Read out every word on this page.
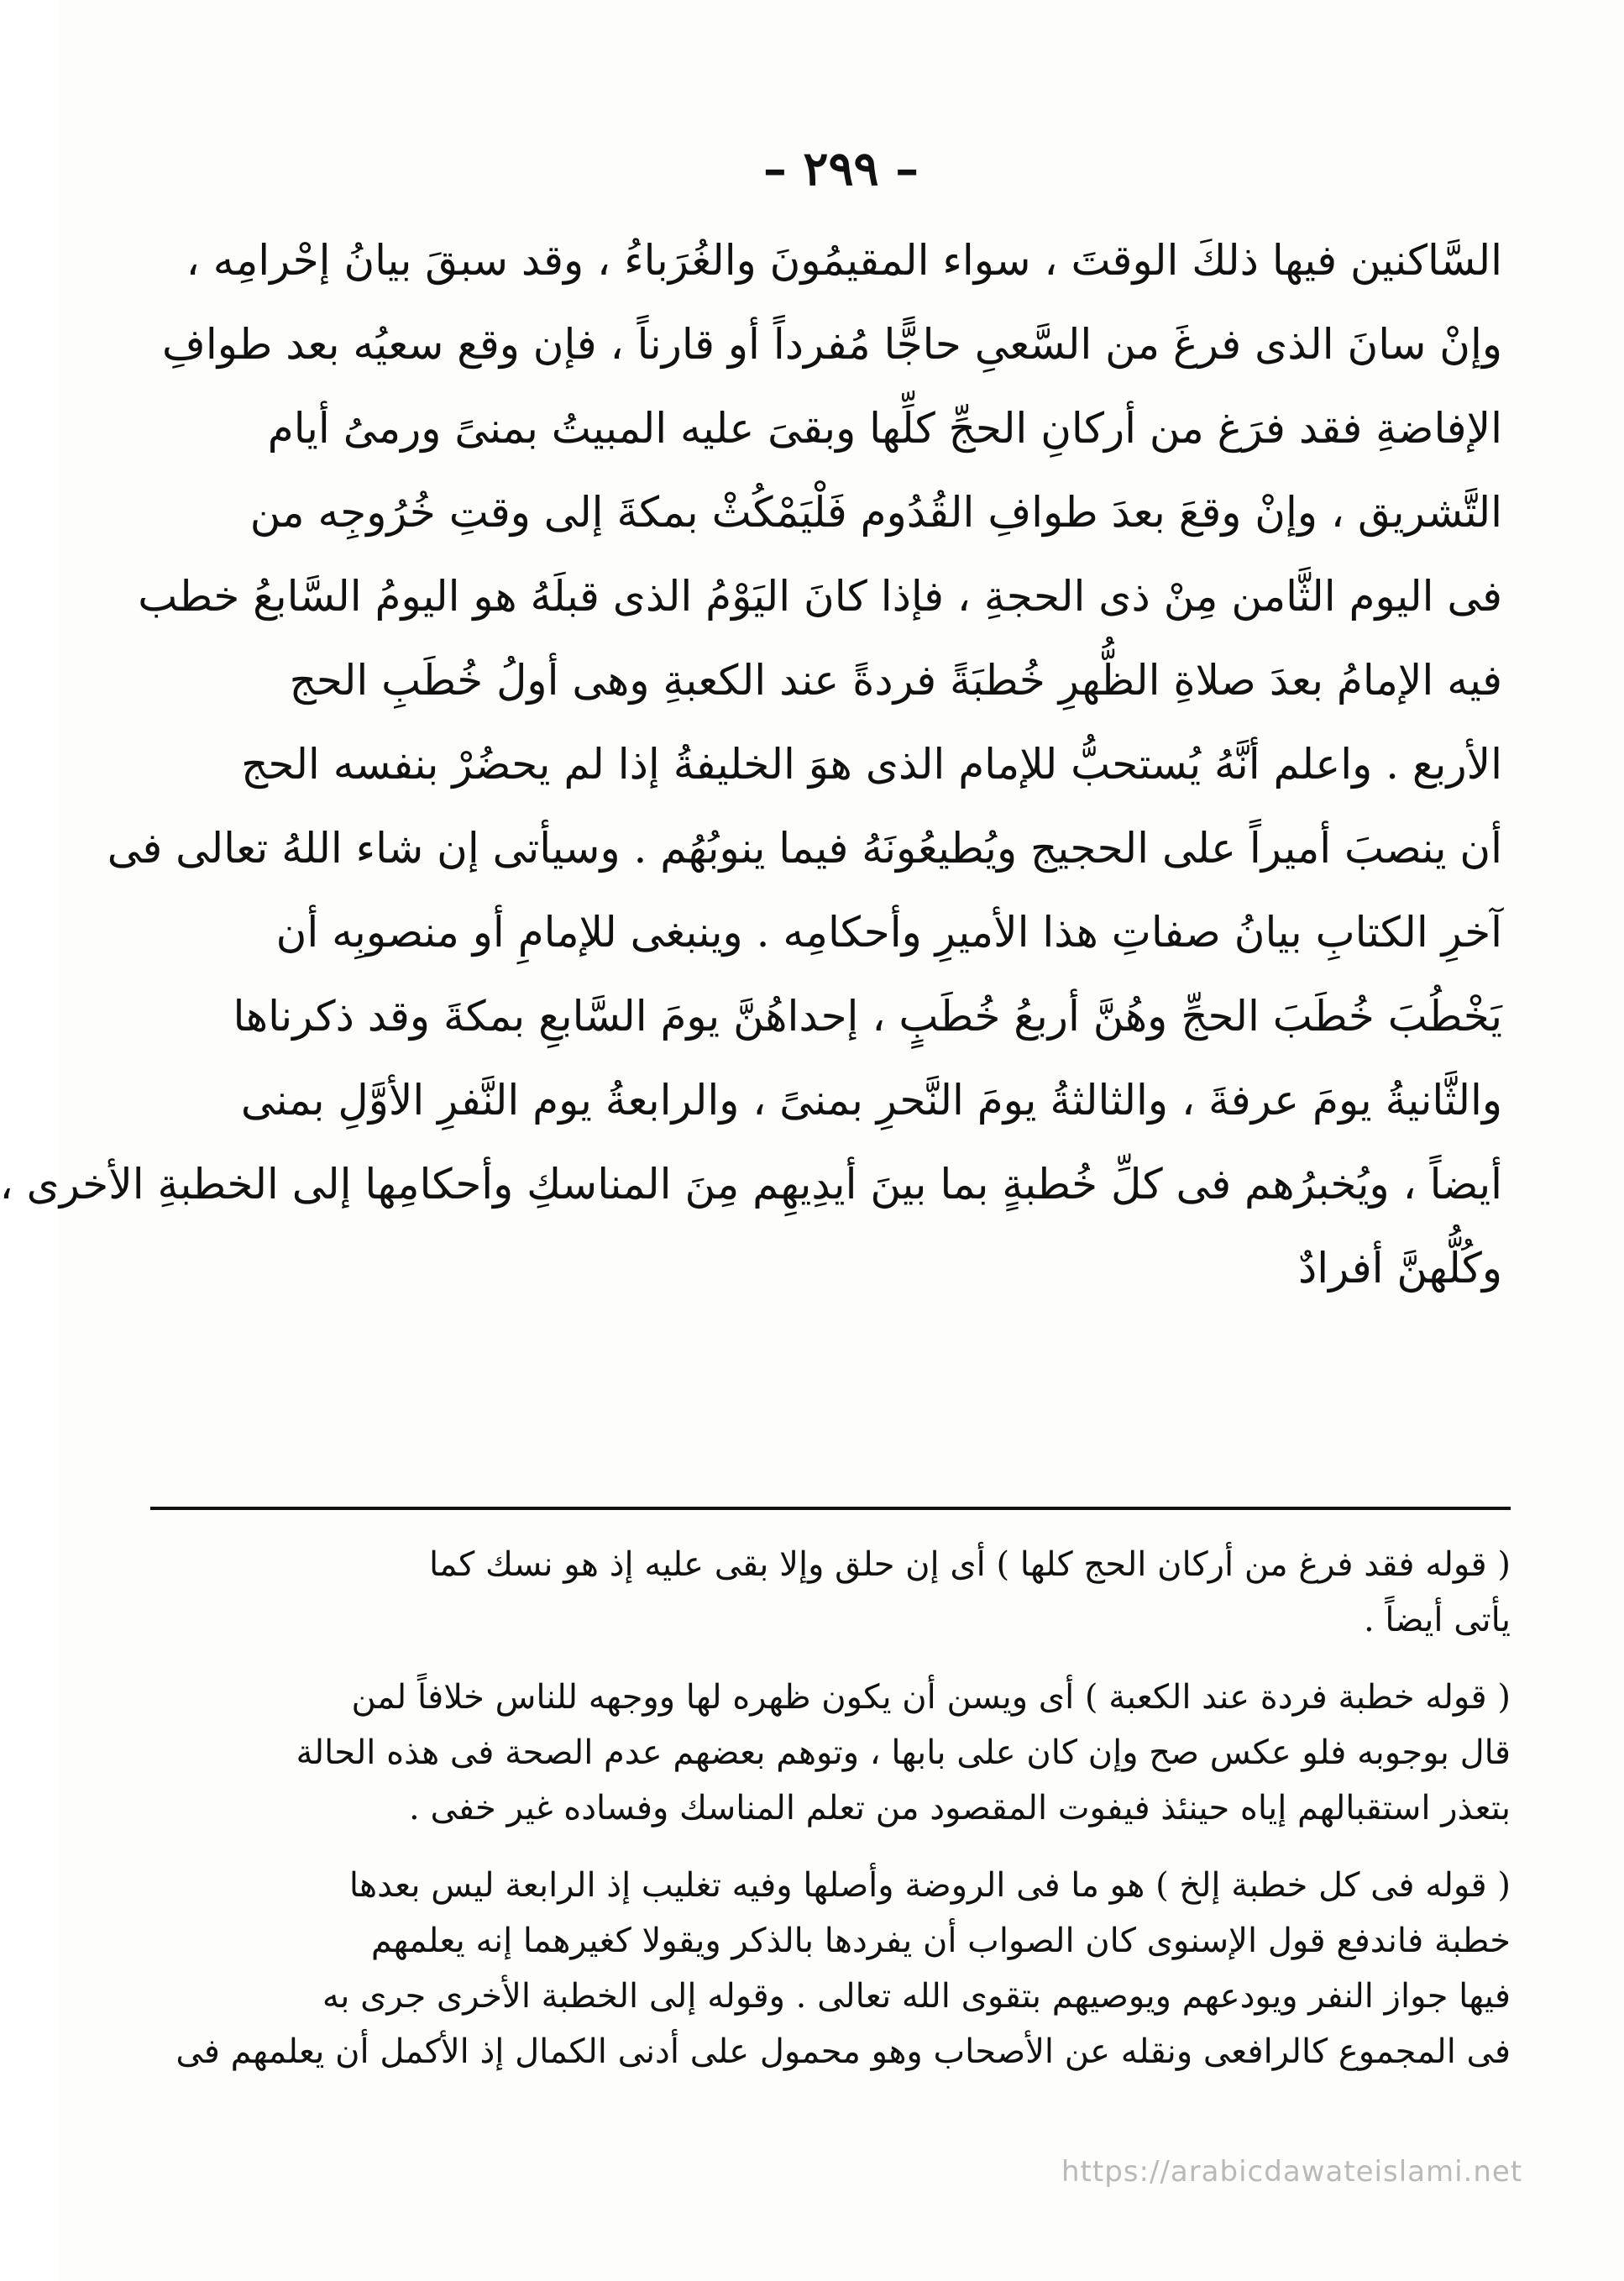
– ٢٩٩ –
السَّاكنين فيها ذلكَ الوقتَ ، سواء المقيمُونَ والغُرَباءُ ، وقد سبقَ بيانُ إحْرامِه ،
وإنْ سانَ الذى فرغَ من السَّعىِ حاجًّا مُفرداً أو قارناً ، فإن وقع سعيُه بعد طوافِ
الإفاضةِ فقد فرَغ من أركانِ الحجِّ كلِّها وبقىَ عليه المبيتُ بمنىً ورمىُ أيام
التَّشريق ، وإنْ وقعَ بعدَ طوافِ القُدُوم فَلْيَمْكُثْ بمكةَ إلى وقتِ خُرُوجِه من
فى اليوم الثَّامن مِنْ ذى الحجةِ ، فإذا كانَ اليَوْمُ الذى قبلَهُ هو اليومُ السَّابعُ خطب
فيه الإمامُ بعدَ صلاةِ الظُّهرِ خُطبَةً فردةً عند الكعبةِ وهى أولُ خُطَبِ الحج
الأربع . واعلم أنَّهُ يُستحبُّ للإمام الذى هوَ الخليفةُ إذا لم يحضُرْ بنفسه الحج
أن ينصبَ أميراً على الحجيج ويُطيعُونَهُ فيما ينوبُهُم . وسيأتى إن شاء اللهُ تعالى فى
آخرِ الكتابِ بيانُ صفاتِ هذا الأميرِ وأحكامِه . وينبغى للإمامِ أو منصوبِه أن
يَخْطُبَ خُطَبَ الحجِّ وهُنَّ أربعُ خُطَبٍ ، إحداهُنَّ يومَ السَّابعِ بمكةَ وقد ذكرناها
والثَّانيةُ يومَ عرفةَ ، والثالثةُ يومَ النَّحرِ بمنىً ، والرابعةُ يوم النَّفرِ الأوَّلِ بمنى
أيضاً ، ويُخبرُهم فى كلِّ خُطبةٍ بما بينَ أيدِيهِم مِنَ المناسكِ وأحكامِها إلى الخطبةِ الأخرى ،
وكُلُّهنَّ أفرادٌ
( قوله فقد فرغ من أركان الحج كلها ) أى إن حلق وإلا بقى عليه إذ هو نسك كما
يأتى أيضاً .
( قوله خطبة فردة عند الكعبة ) أى ويسن أن يكون ظهره لها ووجهه للناس خلافاً لمن
قال بوجوبه فلو عكس صح وإن كان على بابها ، وتوهم بعضهم عدم الصحة فى هذه الحالة
بتعذر استقبالهم إياه حينئذ فيفوت المقصود من تعلم المناسك وفساده غير خفى .
( قوله فى كل خطبة إلخ ) هو ما فى الروضة وأصلها وفيه تغليب إذ الرابعة ليس بعدها
خطبة فاندفع قول الإسنوى كان الصواب أن يفردها بالذكر ويقولا كغيرهما إنه يعلمهم
فيها جواز النفر ويودعهم ويوصيهم بتقوى الله تعالى . وقوله إلى الخطبة الأخرى جرى به
فى المجموع كالرافعى ونقله عن الأصحاب وهو محمول على أدنى الكمال إذ الأكمل أن يعلمهم فى
https://arabicdawateislami.net
